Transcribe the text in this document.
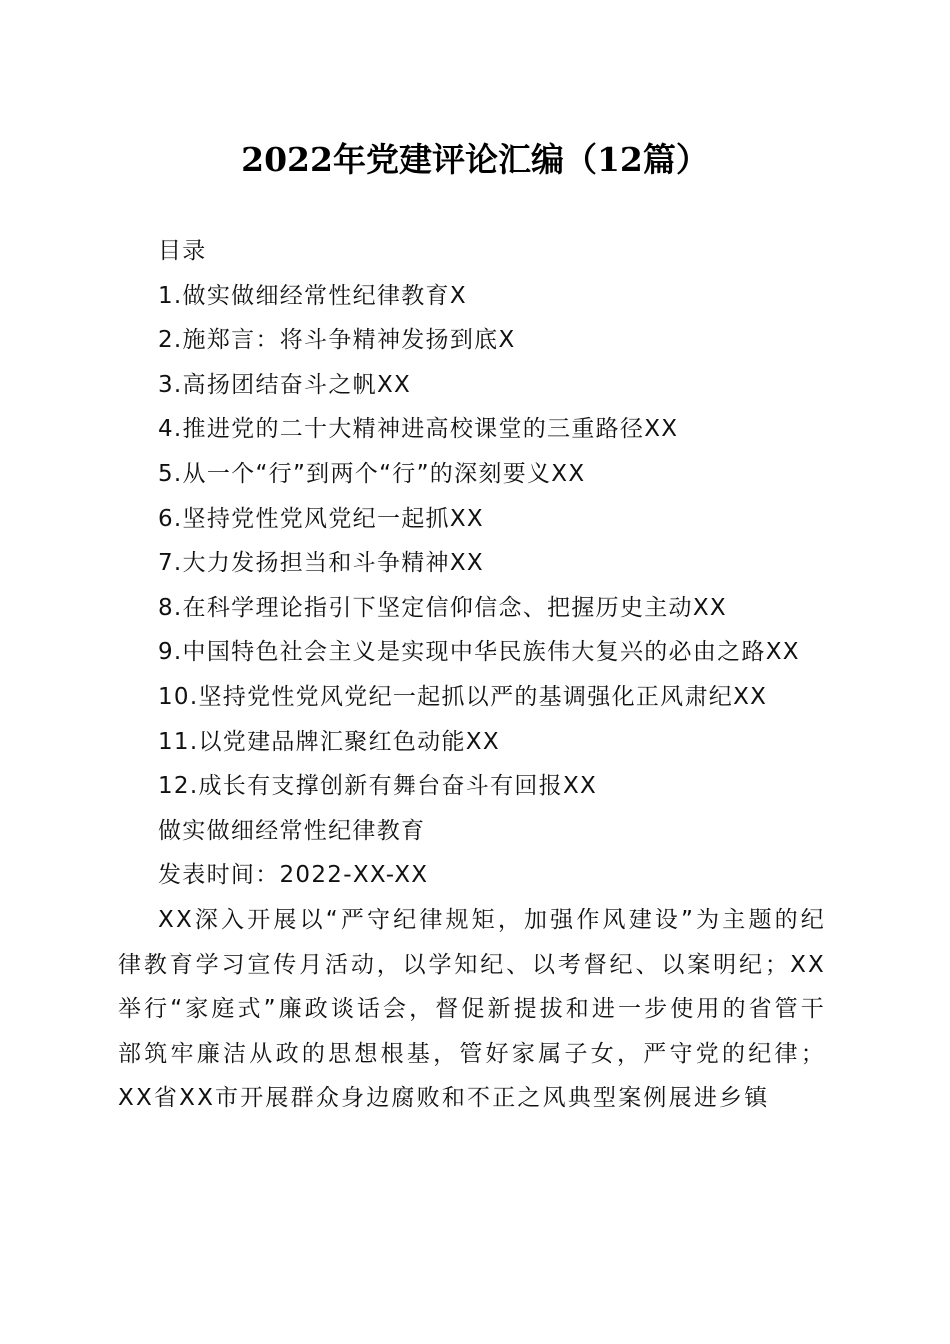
2022年党建评论汇编（12篇）
目录
1.做实做细经常性纪律教育X
2.施郑言：将斗争精神发扬到底X
3.高扬团结奋斗之帆XX
4.推进党的二十大精神进高校课堂的三重路径XX
5.从一个“行”到两个“行”的深刻要义XX
6.坚持党性党风党纪一起抓XX
7.大力发扬担当和斗争精神XX
8.在科学理论指引下坚定信仰信念、把握历史主动XX
9.中国特色社会主义是实现中华民族伟大复兴的必由之路XX
10.坚持党性党风党纪一起抓以严的基调强化正风肃纪XX
11.以党建品牌汇聚红色动能XX
12.成长有支撑创新有舞台奋斗有回报XX
做实做细经常性纪律教育
发表时间：2022-XX-XX
XX深入开展以“严守纪律规矩，加强作风建设”为主题的纪律教育学习宣传月活动，以学知纪、以考督纪、以案明纪；XX举行“家庭式”廉政谈话会，督促新提拔和进一步使用的省管干部筑牢廉洁从政的思想根基，管好家属子女，严守党的纪律；XX省XX市开展群众身边腐败和不正之风典型案例展进乡镇
